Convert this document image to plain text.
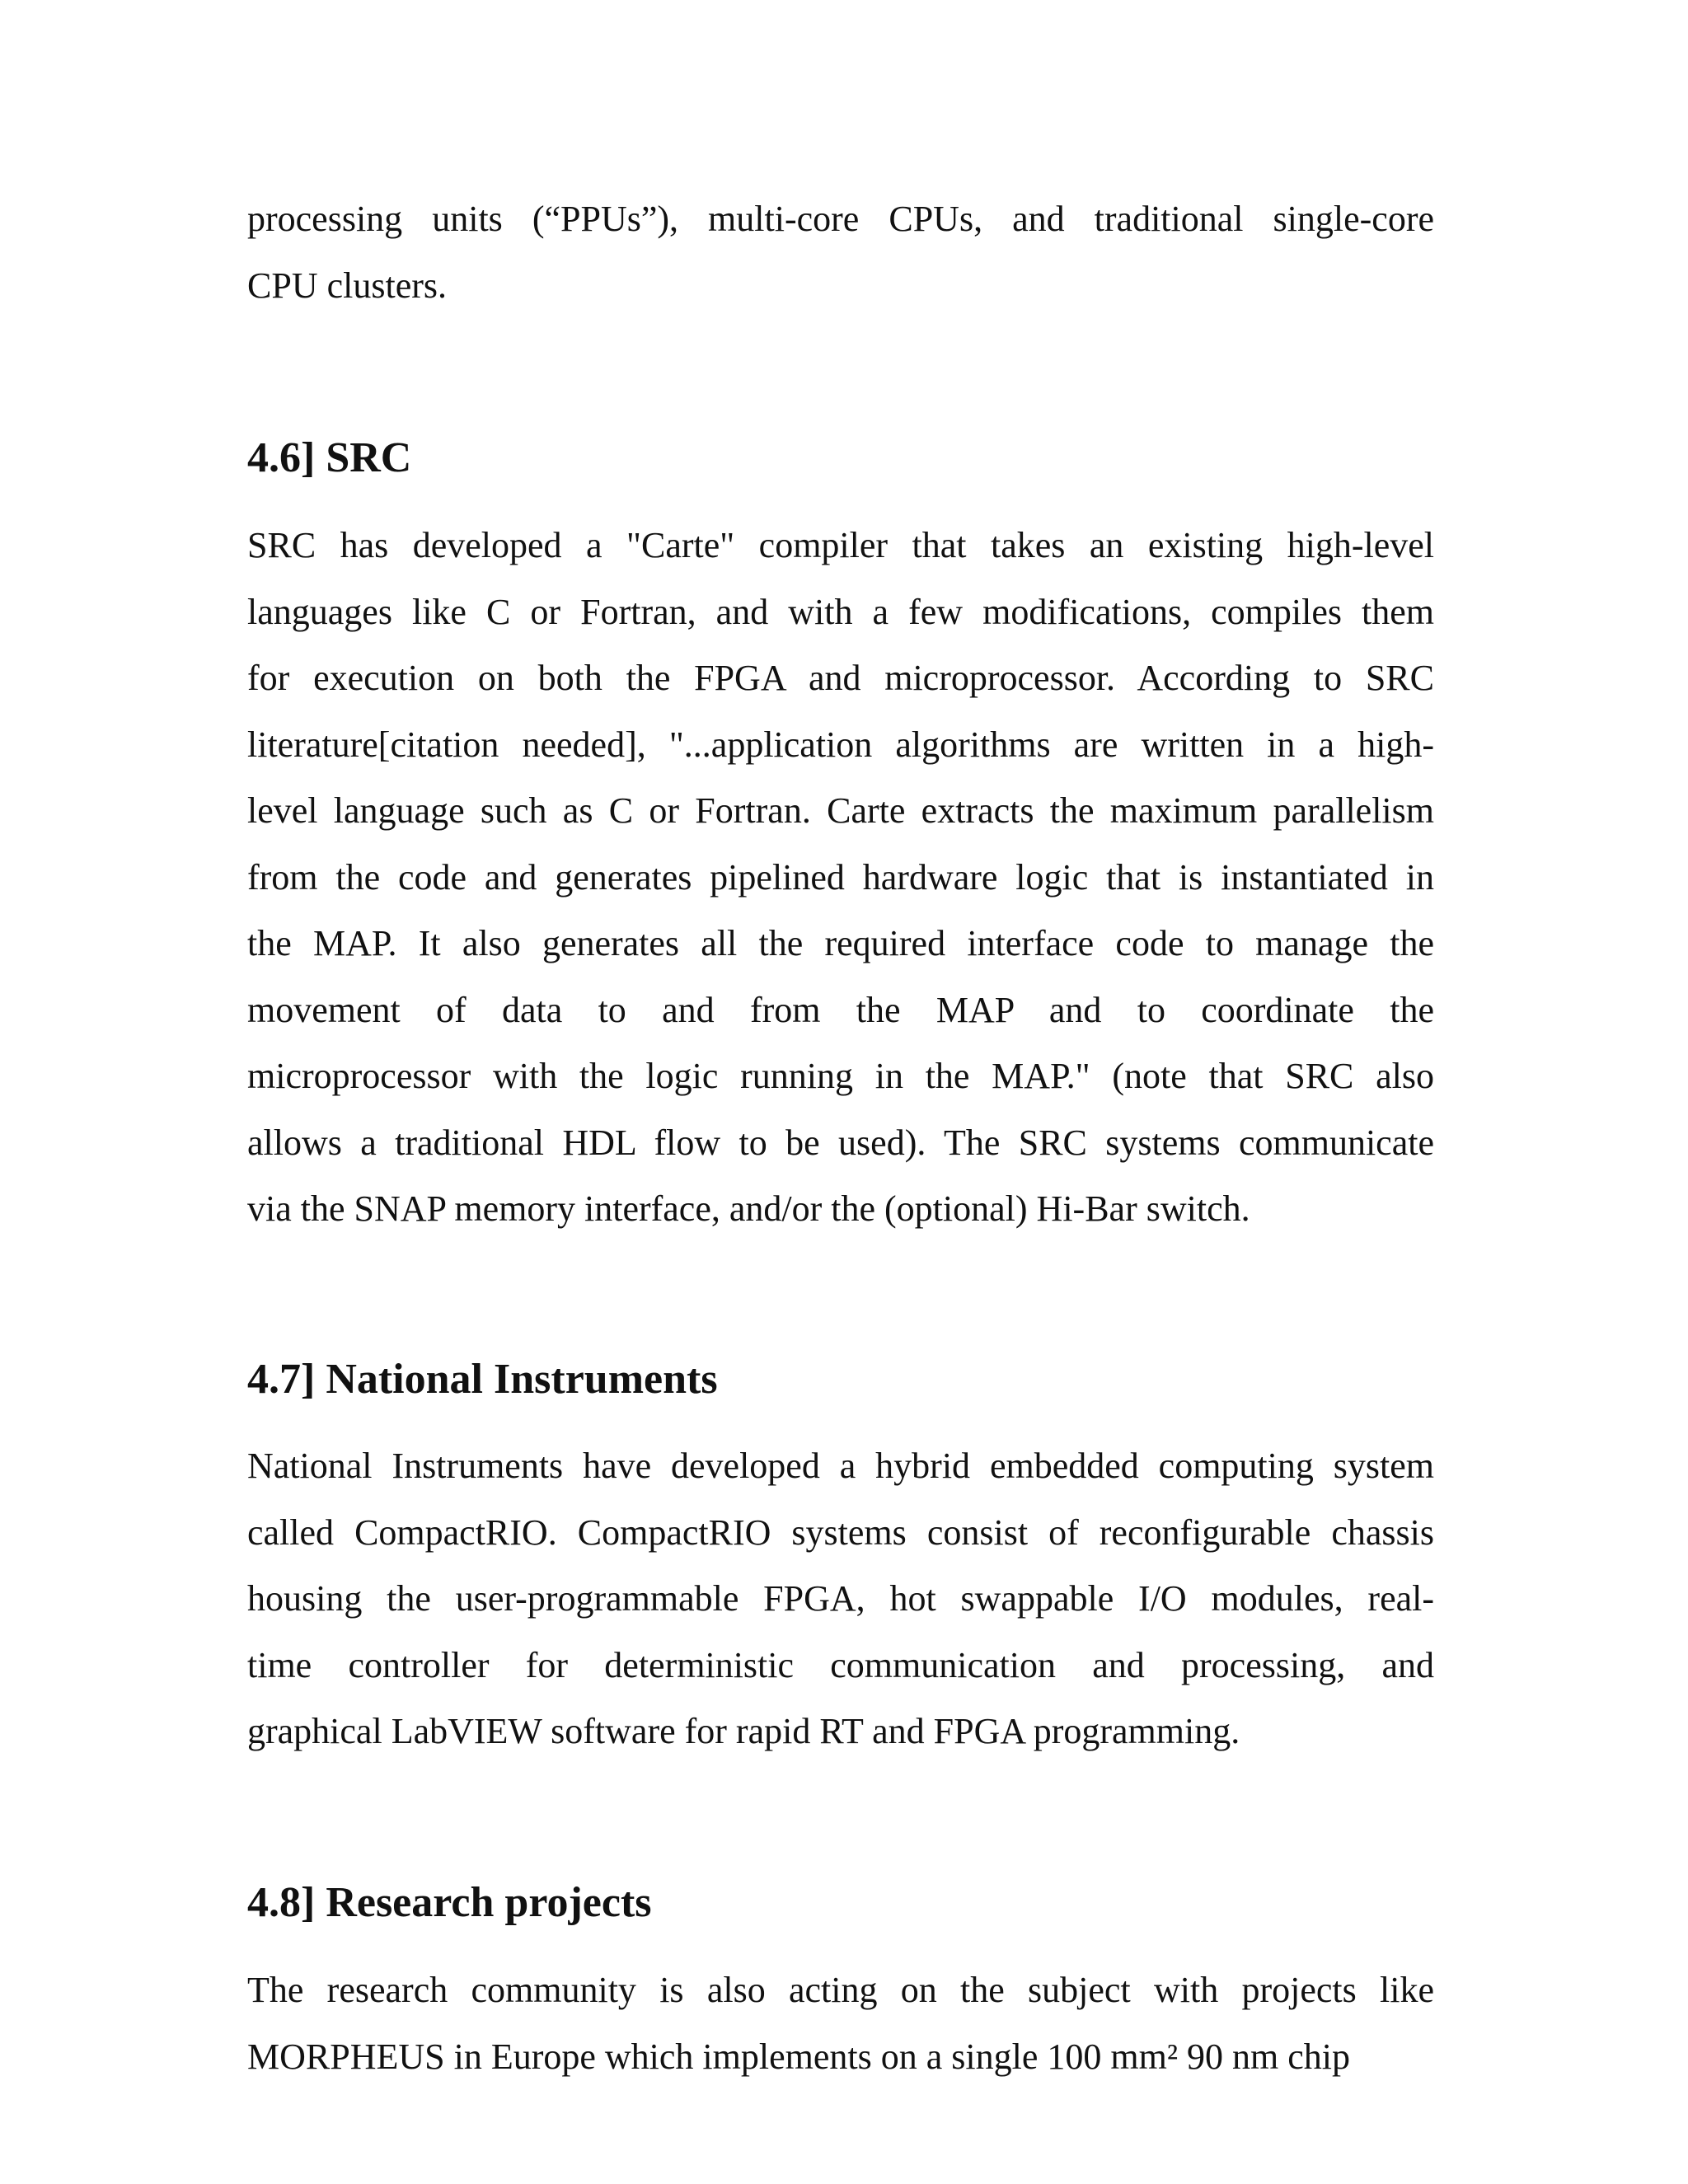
processing units (“PPUs”), multi-core CPUs, and traditional single-core
CPU clusters.

4.6] SRC

SRC has developed a "Carte" compiler that takes an existing high-level
languages like C or Fortran, and with a few modifications, compiles them
for execution on both the FPGA and microprocessor. According to SRC
literature[citation needed], "...application algorithms are written in a high-
level language such as C or Fortran. Carte extracts the maximum parallelism
from the code and generates pipelined hardware logic that is instantiated in
the MAP. It also generates all the required interface code to manage the
movement of data to and from the MAP and to coordinate the
microprocessor with the logic running in the MAP." (note that SRC also
allows a traditional HDL flow to be used). The SRC systems communicate
via the SNAP memory interface, and/or the (optional) Hi-Bar switch.

4.7] National Instruments

National Instruments have developed a hybrid embedded computing system
called CompactRIO. CompactRIO systems consist of reconfigurable chassis
housing the user-programmable FPGA, hot swappable I/O modules, real-
time controller for deterministic communication and processing, and
graphical LabVIEW software for rapid RT and FPGA programming.

4.8] Research projects

The research community is also acting on the subject with projects like
MORPHEUS in Europe which implements on a single 100 mm² 90 nm chip
